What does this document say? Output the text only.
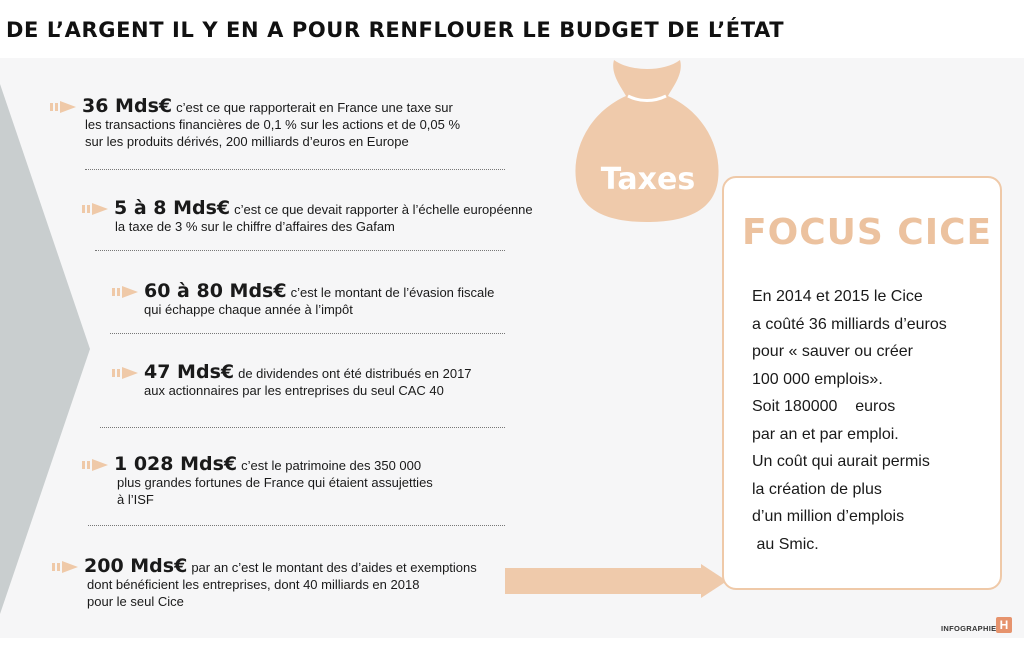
DE L’ARGENT IL Y EN A POUR RENFLOUER LE BUDGET DE L’ÉTAT
Taxes
36 Mds€ c’est ce que rapporterait en France une taxe sur
les transactions financières de 0,1 % sur les actions et de 0,05 %
sur les produits dérivés, 200 milliards d’euros en Europe
5 à 8 Mds€ c’est ce que devait rapporter à l’échelle européenne
la taxe de 3 % sur le chiffre d’affaires des Gafam
60 à 80 Mds€ c’est le montant de l’évasion fiscale
qui échappe chaque année à l’impôt
47 Mds€ de dividendes ont été distribués en 2017
aux actionnaires par les entreprises du seul CAC 40
1 028 Mds€ c’est le patrimoine des 350 000
plus grandes fortunes de France qui étaient assujetties
à l’ISF
200 Mds€ par an c’est le montant des d’aides et exemptions
dont bénéficient les entreprises, dont 40 milliards en 2018
pour le seul Cice
FOCUS CICE
En 2014 et 2015 le Cice
a coûté 36 milliards d’euros
pour « sauver ou créer
100 000 emplois».
Soit 180000    euros
par an et par emploi.
Un coût qui aurait permis
la création de plus
d’un million d’emplois
au Smic.
INFOGRAPHIE H
